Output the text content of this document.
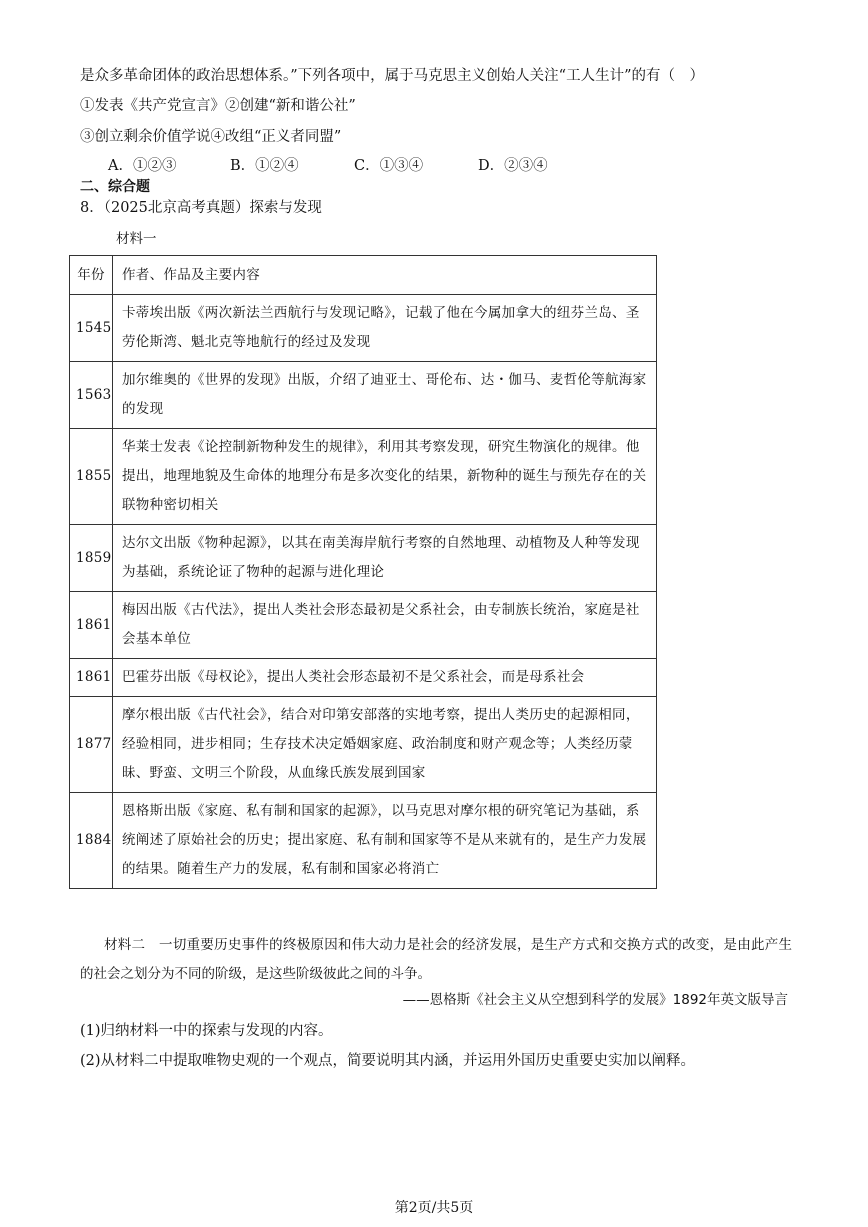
是众多革命团体的政治思想体系。”下列各项中，属于马克思主义创始人关注“工人生计”的有（　）
①发表《共产党宣言》②创建“新和谐公社”
③创立剩余价值学说④改组“正义者同盟”
A．①②③	B．①②④	C．①③④	D．②③④
二、综合题
8．（2025北京高考真题）探索与发现
材料一
年份	作者、作品及主要内容
1545	卡蒂埃出版《两次新法兰西航行与发现记略》，记载了他在今属加拿大的纽芬兰岛、圣劳伦斯湾、魁北克等地航行的经过及发现
1563	加尔维奥的《世界的发现》出版，介绍了迪亚士、哥伦布、达・伽马、麦哲伦等航海家的发现
1855	华莱士发表《论控制新物种发生的规律》，利用其考察发现，研究生物演化的规律。他提出，地理地貌及生命体的地理分布是多次变化的结果，新物种的诞生与预先存在的关联物种密切相关
1859	达尔文出版《物种起源》，以其在南美海岸航行考察的自然地理、动植物及人种等发现为基础，系统论证了物种的起源与进化理论
1861	梅因出版《古代法》，提出人类社会形态最初是父系社会，由专制族长统治，家庭是社会基本单位
1861	巴霍芬出版《母权论》，提出人类社会形态最初不是父系社会，而是母系社会
1877	摩尔根出版《古代社会》，结合对印第安部落的实地考察，提出人类历史的起源相同，经验相同，进步相同；生存技术决定婚姻家庭、政治制度和财产观念等；人类经历蒙昧、野蛮、文明三个阶段，从血缘氏族发展到国家
1884	恩格斯出版《家庭、私有制和国家的起源》，以马克思对摩尔根的研究笔记为基础，系统阐述了原始社会的历史；提出家庭、私有制和国家等不是从来就有的，是生产力发展的结果。随着生产力的发展，私有制和国家必将消亡
材料二　一切重要历史事件的终极原因和伟大动力是社会的经济发展，是生产方式和交换方式的改变，是由此产生的社会之划分为不同的阶级，是这些阶级彼此之间的斗争。
——恩格斯《社会主义从空想到科学的发展》1892年英文版导言
(1)归纳材料一中的探索与发现的内容。
(2)从材料二中提取唯物史观的一个观点，简要说明其内涵，并运用外国历史重要史实加以阐释。
第2页/共5页
